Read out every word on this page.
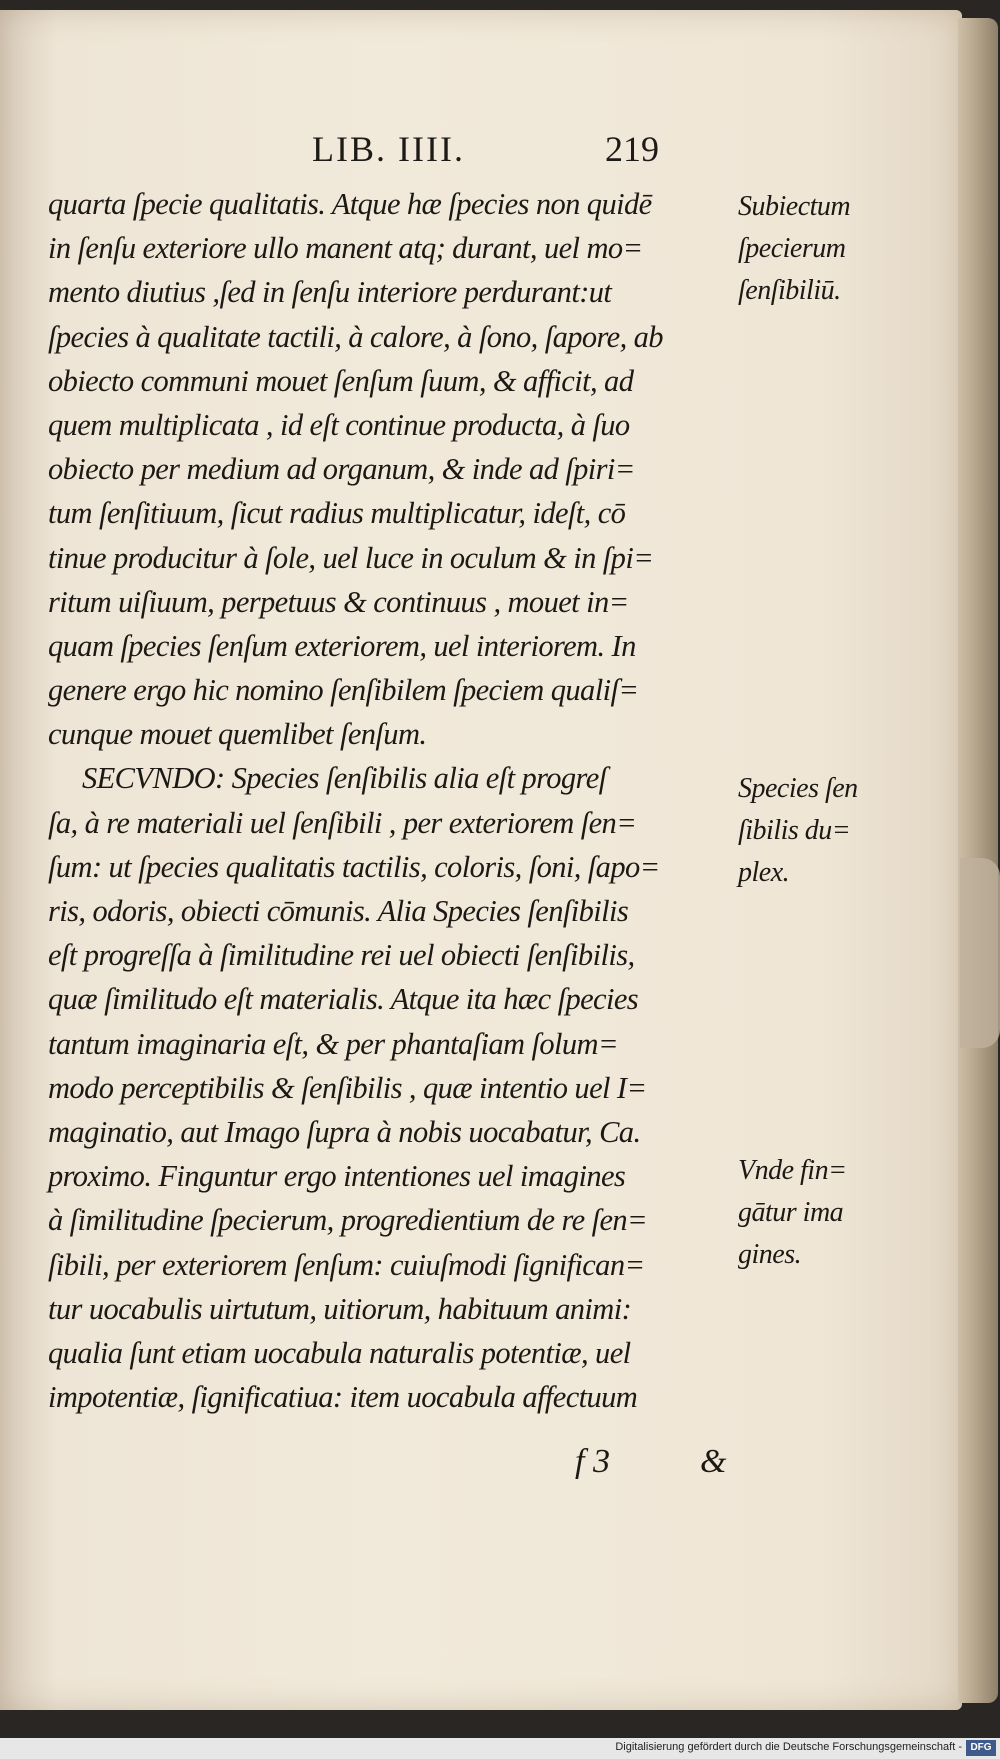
LIB. IIII.	219
quarta ſpecie qualitatis. Atque hæ ſpecies non quidē
in ſenſu exteriore ullo manent atq; durant, uel mo=
mento diutius ,ſed in ſenſu interiore perdurant:ut
ſpecies à qualitate tactili, à calore, à ſono, ſapore, ab
obiecto communi mouet ſenſum ſuum, & afficit, ad
quem multiplicata , id eſt continue producta, à ſuo
obiecto per medium ad organum, & inde ad ſpiri=
tum ſenſitiuum, ſicut radius multiplicatur, ideſt, cō
tinue producitur à ſole, uel luce in oculum & in ſpi=
ritum uiſiuum, perpetuus & continuus , mouet in=
quam ſpecies ſenſum exteriorem, uel interiorem. In
genere ergo hic nomino ſenſibilem ſpeciem qualiſ=
cunque mouet quemlibet ſenſum.
SECVNDO: Species ſenſibilis alia eſt progreſ
ſa, à re materiali uel ſenſibili , per exteriorem ſen=
ſum: ut ſpecies qualitatis tactilis, coloris, ſoni, ſapo=
ris, odoris, obiecti cōmunis. Alia Species ſenſibilis
eſt progreſſa à ſimilitudine rei uel obiecti ſenſibilis,
quæ ſimilitudo eſt materialis. Atque ita hæc ſpecies
tantum imaginaria eſt, & per phantaſiam ſolum=
modo perceptibilis & ſenſibilis , quæ intentio uel I=
maginatio, aut Imago ſupra à nobis uocabatur, Ca.
proximo. Finguntur ergo intentiones uel imagines
à ſimilitudine ſpecierum, progredientium de re ſen=
ſibili, per exteriorem ſenſum: cuiuſmodi ſignifican=
tur uocabulis uirtutum, uitiorum, habituum animi:
qualia ſunt etiam uocabula naturalis potentiæ, uel
impotentiæ, ſignificatiua: item uocabula affectuum
Subiectum
ſpecierum
ſenſibiliū.
Species ſen
ſibilis du=
plex.
Vnde fin=
gātur ima
gines.
f 3	&
Digitalisierung gefördert durch die Deutsche Forschungsgemeinschaft - DFG
